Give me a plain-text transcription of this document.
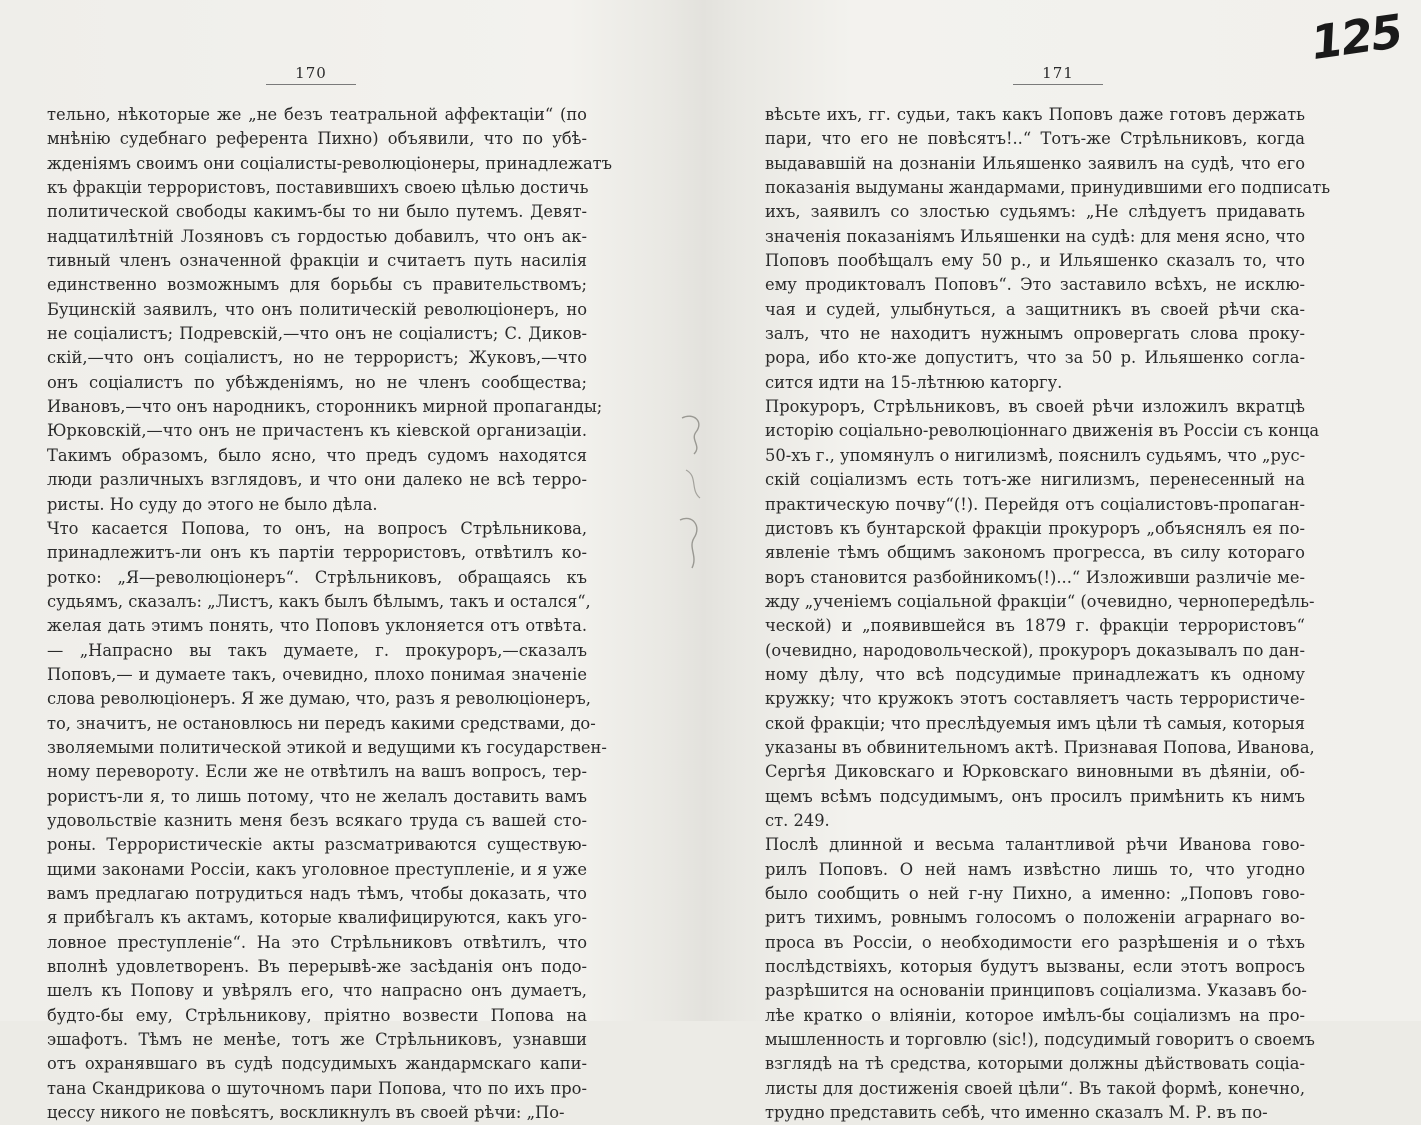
170
тельно, нѣкоторые же „не безъ театральной аффектаціи“ (по
мнѣнію судебнаго референта Пихно) объявили, что по убѣ-
жденіямъ своимъ они соціалисты-революціонеры, принадлежатъ
къ фракціи террористовъ, поставившихъ своею цѣлью достичь
политической свободы какимъ-бы то ни было путемъ. Девят-
надцатилѣтній Лозяновъ съ гордостью добавилъ, что онъ ак-
тивный членъ означенной фракціи и считаетъ путь насилія
единственно возможнымъ для борьбы съ правительствомъ;
Буцинскій заявилъ, что онъ политическій революціонеръ, но
не соціалистъ; Подревскій,—что онъ не соціалистъ; С. Диков-
скій,—что онъ соціалистъ, но не террористъ; Жуковъ,—что
онъ соціалистъ по убѣжденіямъ, но не членъ сообщества;
Ивановъ,—что онъ народникъ, сторонникъ мирной пропаганды;
Юрковскій,—что онъ не причастенъ къ кіевской организаціи.
Такимъ образомъ, было ясно, что предъ судомъ находятся
люди различныхъ взглядовъ, и что они далеко не всѣ терро-
ристы. Но суду до этого не было дѣла.
Что касается Попова, то онъ, на вопросъ Стрѣльникова,
принадлежитъ-ли онъ къ партіи террористовъ, отвѣтилъ ко-
ротко: „Я—революціонеръ“. Стрѣльниковъ, обращаясь къ
судьямъ, сказалъ: „Листъ, какъ былъ бѣлымъ, такъ и остался“,
желая дать этимъ понять, что Поповъ уклоняется отъ отвѣта.
— „Напрасно вы такъ думаете, г. прокуроръ,—сказалъ
Поповъ,— и думаете такъ, очевидно, плохо понимая значеніе
слова революціонеръ. Я же думаю, что, разъ я революціонеръ,
то, значитъ, не остановлюсь ни передъ какими средствами, до-
зволяемыми политической этикой и ведущими къ государствен-
ному перевороту. Если же не отвѣтилъ на вашъ вопросъ, тер-
рористъ-ли я, то лишь потому, что не желалъ доставить вамъ
удовольствіе казнить меня безъ всякаго труда съ вашей сто-
роны. Террористическіе акты разсматриваются существую-
щими законами Россіи, какъ уголовное преступленіе, и я уже
вамъ предлагаю потрудиться надъ тѣмъ, чтобы доказать, что
я прибѣгалъ къ актамъ, которые квалифицируются, какъ уго-
ловное преступленіе“. На это Стрѣльниковъ отвѣтилъ, что
вполнѣ удовлетворенъ. Въ перерывѣ-же засѣданія онъ подо-
шелъ къ Попову и увѣрялъ его, что напрасно онъ думаетъ,
будто-бы ему, Стрѣльникову, пріятно возвести Попова на
эшафотъ. Тѣмъ не менѣе, тотъ же Стрѣльниковъ, узнавши
отъ охранявшаго въ судѣ подсудимыхъ жандармскаго капи-
тана Скандрикова о шуточномъ пари Попова, что по ихъ про-
цессу никого не повѣсятъ, воскликнулъ въ своей рѣчи: „По-
171
вѣсьте ихъ, гг. судьи, такъ какъ Поповъ даже готовъ держать
пари, что его не повѣсятъ!..“ Тотъ-же Стрѣльниковъ, когда
выдававшій на дознаніи Ильяшенко заявилъ на судѣ, что его
показанія выдуманы жандармами, принудившими его подписать
ихъ, заявилъ со злостью судьямъ: „Не слѣдуетъ придавать
значенія показаніямъ Ильяшенки на судѣ: для меня ясно, что
Поповъ пообѣщалъ ему 50 р., и Ильяшенко сказалъ то, что
ему продиктовалъ Поповъ“. Это заставило всѣхъ, не исклю-
чая и судей, улыбнуться, а защитникъ въ своей рѣчи ска-
залъ, что не находитъ нужнымъ опровергать слова проку-
рора, ибо кто-же допуститъ, что за 50 р. Ильяшенко согла-
сится идти на 15-лѣтнюю каторгу.
Прокуроръ, Стрѣльниковъ, въ своей рѣчи изложилъ вкратцѣ
исторію соціально-революціоннаго движенія въ Россіи съ конца
50-хъ г., упомянулъ о нигилизмѣ, пояснилъ судьямъ, что „рус-
скій соціализмъ есть тотъ-же нигилизмъ, перенесенный на
практическую почву“(!). Перейдя отъ соціалистовъ-пропаган-
дистовъ къ бунтарской фракціи прокуроръ „объяснялъ ея по-
явленіе тѣмъ общимъ закономъ прогресса, въ силу котораго
воръ становится разбойникомъ(!)...“ Изложивши различіе ме-
жду „ученіемъ соціальной фракціи“ (очевидно, чернопередѣль-
ческой) и „появившейся въ 1879 г. фракціи террористовъ“
(очевидно, народовольческой), прокуроръ доказывалъ по дан-
ному дѣлу, что всѣ подсудимые принадлежатъ къ одному
кружку; что кружокъ этотъ составляетъ часть террористиче-
ской фракціи; что преслѣдуемыя имъ цѣли тѣ самыя, которыя
указаны въ обвинительномъ актѣ. Признавая Попова, Иванова,
Сергѣя Диковскаго и Юрковскаго виновными въ дѣяніи, об-
щемъ всѣмъ подсудимымъ, онъ просилъ примѣнить къ нимъ
ст. 249.
Послѣ длинной и весьма талантливой рѣчи Иванова гово-
рилъ Поповъ. О ней намъ извѣстно лишь то, что угодно
было сообщить о ней г-ну Пихно, а именно: „Поповъ гово-
ритъ тихимъ, ровнымъ голосомъ о положеніи аграрнаго во-
проса въ Россіи, о необходимости его разрѣшенія и о тѣхъ
послѣдствіяхъ, которыя будутъ вызваны, если этотъ вопросъ
разрѣшится на основаніи принциповъ соціализма. Указавъ бо-
лѣе кратко о вліяніи, которое имѣлъ-бы соціализмъ на про-
мышленность и торговлю (sic!), подсудимый говоритъ о своемъ
взглядѣ на тѣ средства, которыми должны дѣйствовать соціа-
листы для достиженія своей цѣли“. Въ такой формѣ, конечно,
трудно представить себѣ, что именно сказалъ М. Р. въ по-
125
